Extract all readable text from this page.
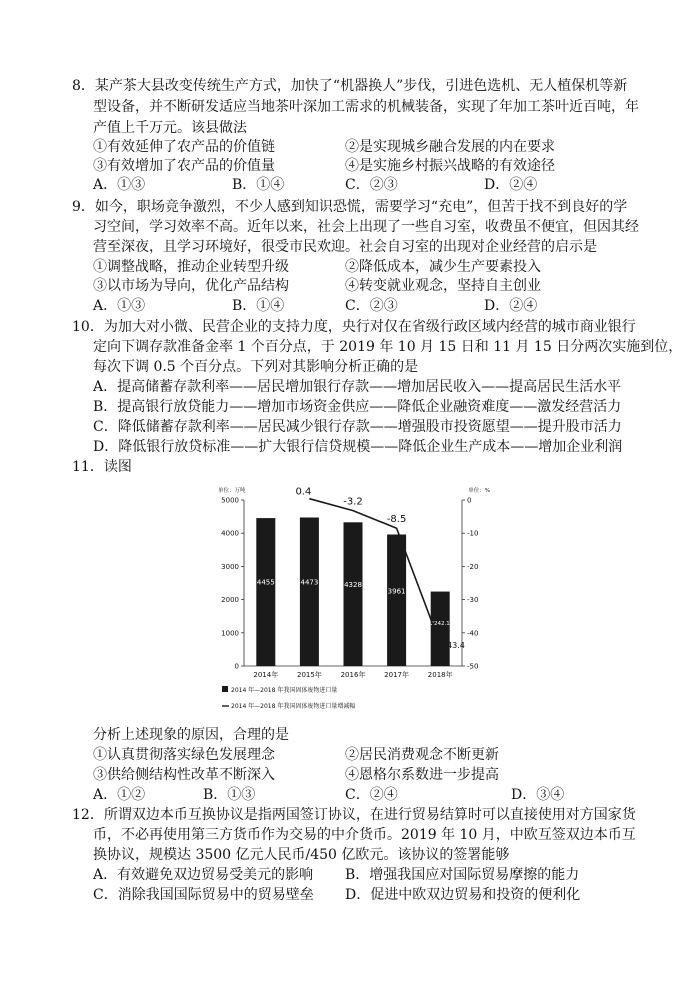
8．某产茶大县改变传统生产方式，加快了“机器换人”步伐，引进色选机、无人植保机等新
型设备，并不断研发适应当地茶叶深加工需求的机械装备，实现了年加工茶叶近百吨，年
产值上千万元。该县做法
①有效延伸了农产品的价值链	②是实现城乡融合发展的内在要求
③有效增加了农产品的价值量	④是实施乡村振兴战略的有效途径
A．①③	B．①④	C．②③	D．②④
9．如今，职场竞争激烈，不少人感到知识恐慌，需要学习“充电”，但苦于找不到良好的学
习空间，学习效率不高。近年以来，社会上出现了一些自习室，收费虽不便宜，但因其经
营至深夜，且学习环境好，很受市民欢迎。社会自习室的出现对企业经营的启示是
①调整战略，推动企业转型升级	②降低成本，减少生产要素投入
③以市场为导向，优化产品结构	④转变就业观念，坚持自主创业
A．①③	B．①④	C．②③	D．②④
10．为加大对小微、民营企业的支持力度，央行对仅在省级行政区域内经营的城市商业银行
定向下调存款准备金率 1 个百分点，于 2019 年 10 月 15 日和 11 月 15 日分两次实施到位，
每次下调 0.5 个百分点。下列对其影响分析正确的是
A．提高储蓄存款利率——居民增加银行存款——增加居民收入——提高居民生活水平
B．提高银行放贷能力——增加市场资金供应——降低企业融资难度——激发经营活力
C．降低储蓄存款利率——居民减少银行存款——增强股市投资愿望——提升股市活力
D．降低银行放贷标准——扩大银行信贷规模——降低企业生产成本——增加企业利润
11．读图
单位：万吨	单位：%
0
1000
2000
3000
4000
5000	0
-10
-20
-30
-40
-50
4455	4473	4328
3961
2242.1
2014年	2015年	2016年	2017年	2018年
0.4
-3.2
-8.5
-43.4
2014 年—2018 年我国固体废物进口量
2014 年—2018 年我国固体废物进口量增减幅
分析上述现象的原因，合理的是
①认真贯彻落实绿色发展理念	②居民消费观念不断更新
③供给侧结构性改革不断深入	④恩格尔系数进一步提高
A．①②	B．①③	C．②④	D．③④
12．所谓双边本币互换协议是指两国签订协议，在进行贸易结算时可以直接使用对方国家货
币，不必再使用第三方货币作为交易的中介货币。2019 年 10 月，中欧互签双边本币互
换协议，规模达 3500 亿元人民币/450 亿欧元。该协议的签署能够
A．有效避免双边贸易受美元的影响 B．增强我国应对国际贸易摩擦的能力
C．消除我国国际贸易中的贸易壁垒 D．促进中欧双边贸易和投资的便利化
